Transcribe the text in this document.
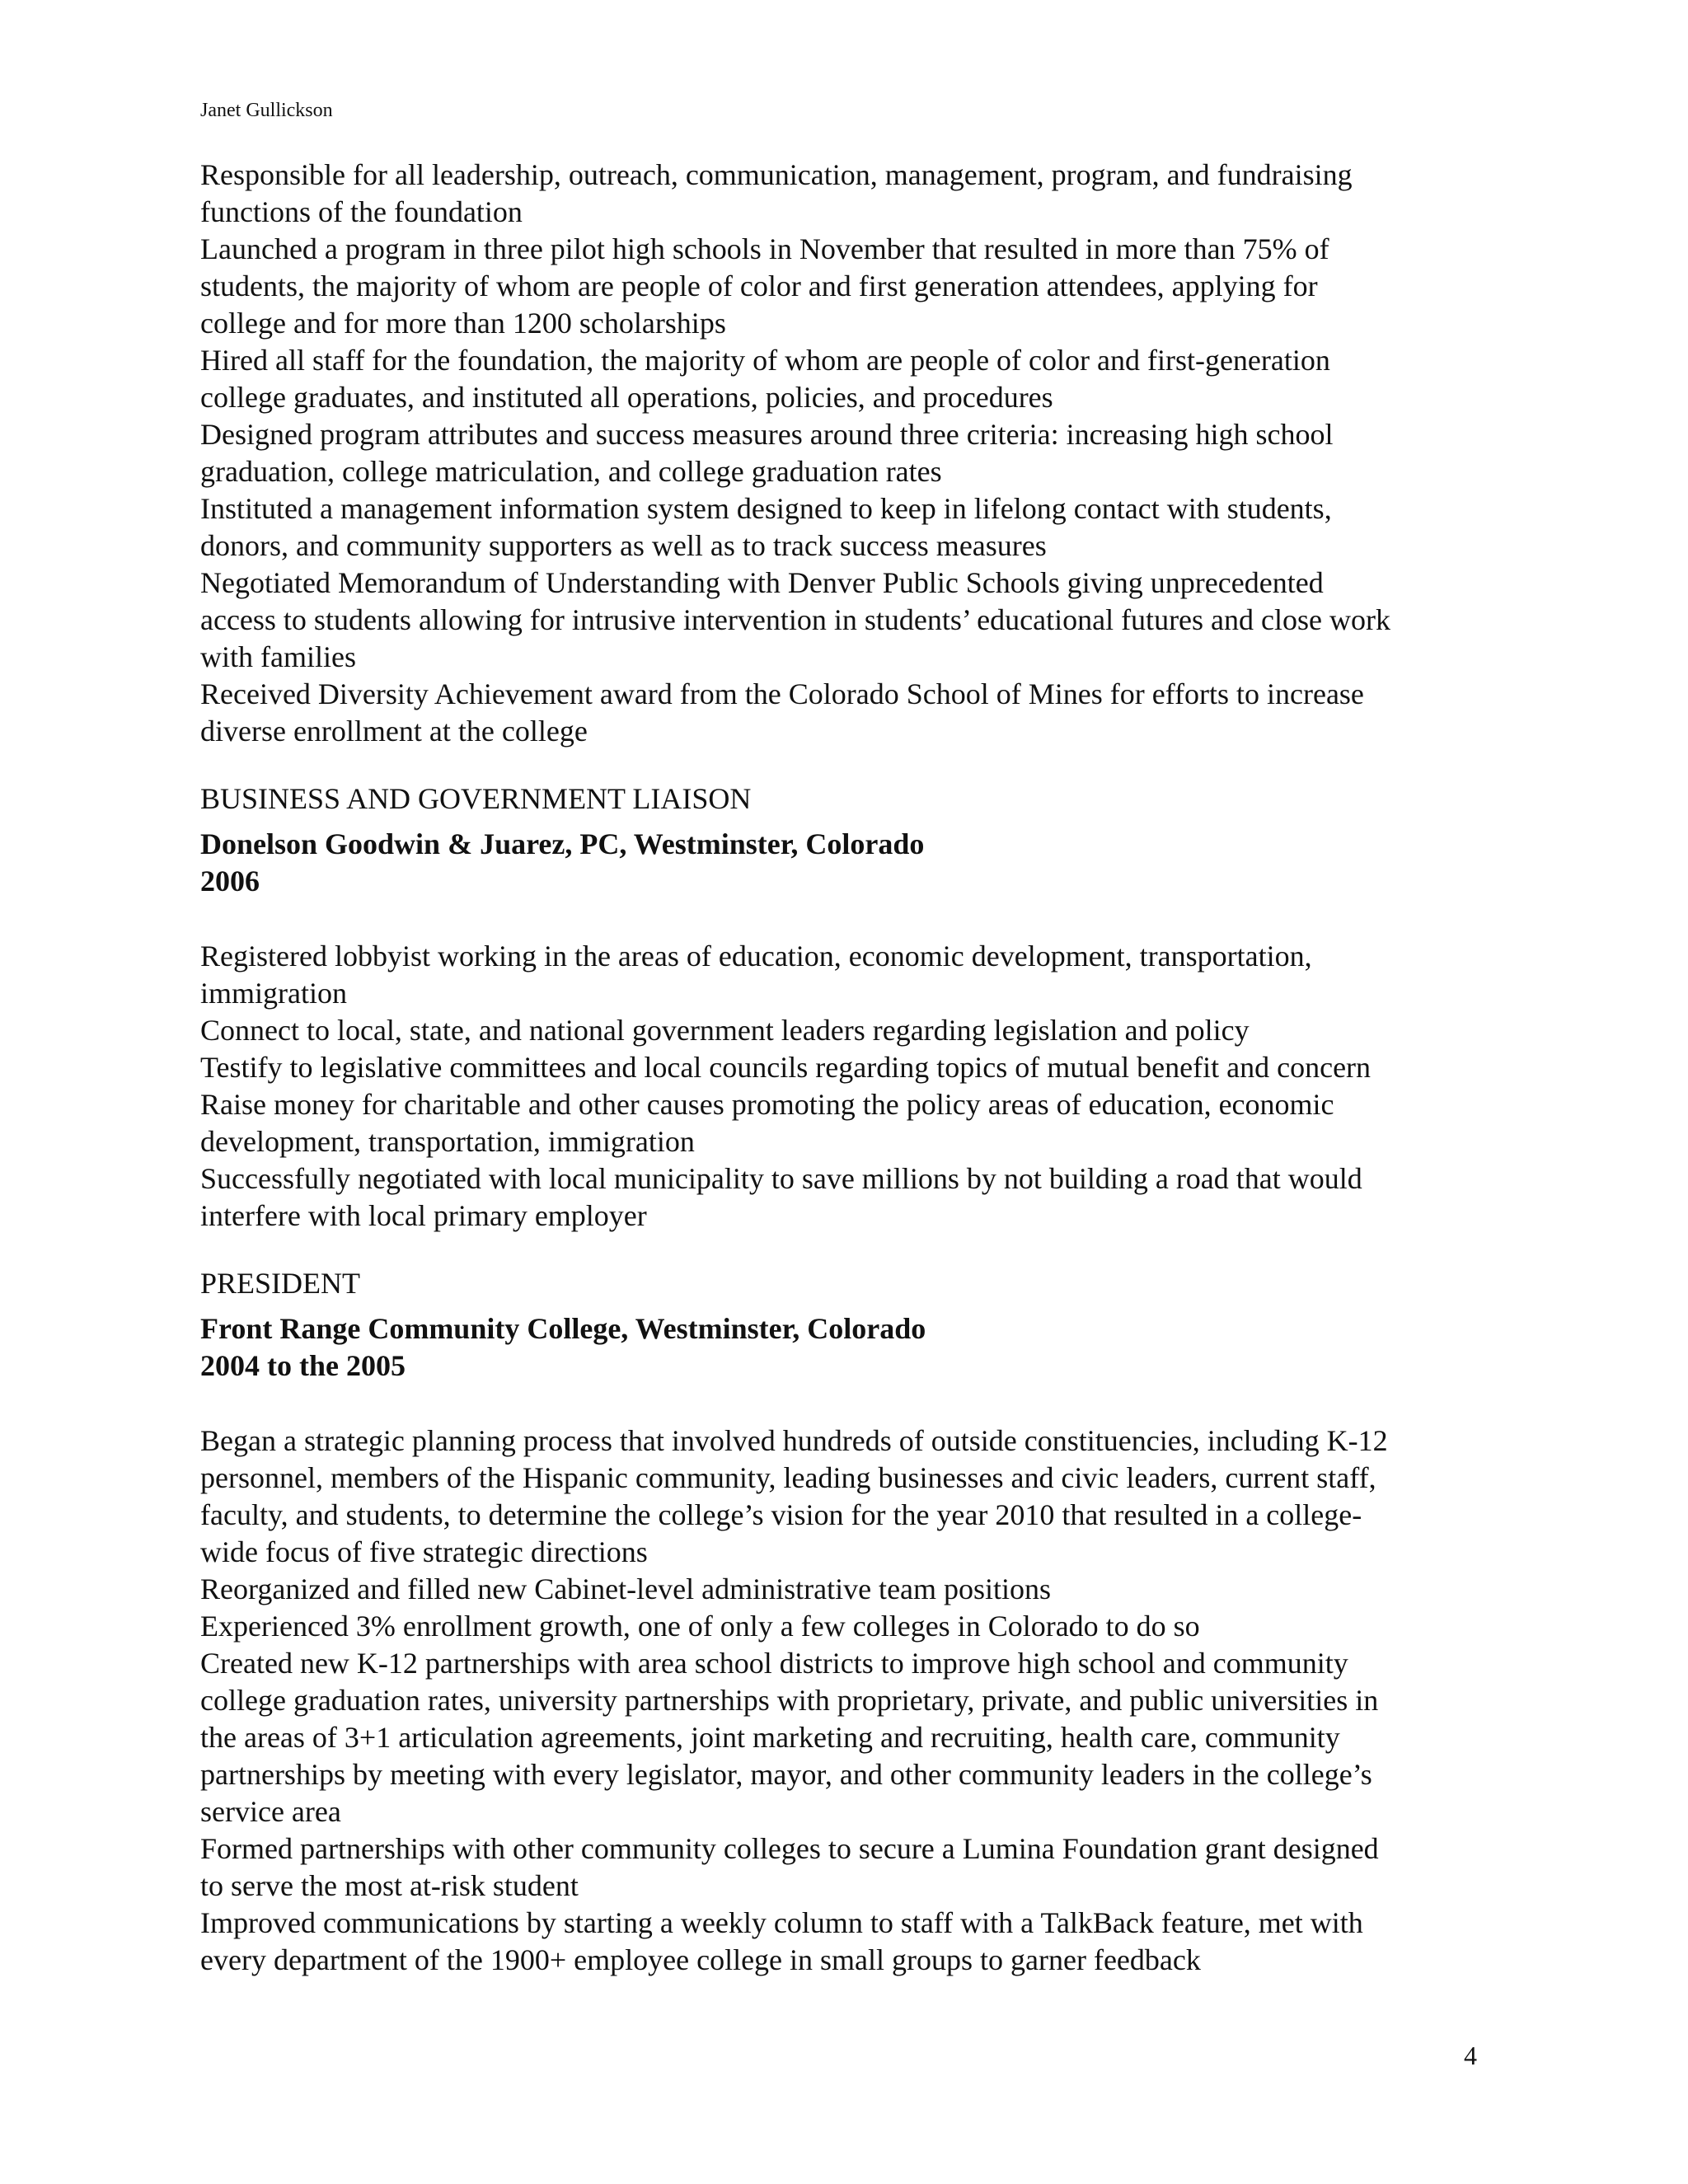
Janet Gullickson
Responsible for all leadership, outreach, communication, management, program, and fundraising
functions of the foundation
Launched a program in three pilot high schools in November that resulted in more than 75% of
students, the majority of whom are people of color and first generation attendees, applying for
college and for more than 1200 scholarships
Hired all staff for the foundation, the majority of whom are people of color and first-generation
college graduates, and instituted all operations, policies, and procedures
Designed program attributes and success measures around three criteria: increasing high school
graduation, college matriculation, and college graduation rates
Instituted a management information system designed to keep in lifelong contact with students,
donors, and community supporters as well as to track success measures
Negotiated Memorandum of Understanding with Denver Public Schools giving unprecedented
access to students allowing for intrusive intervention in students’ educational futures and close work
with families
Received Diversity Achievement award from the Colorado School of Mines for efforts to increase
diverse enrollment at the college
BUSINESS AND GOVERNMENT LIAISON
Donelson Goodwin & Juarez, PC, Westminster, Colorado
2006
Registered lobbyist working in the areas of education, economic development, transportation,
immigration
Connect to local, state, and national government leaders regarding legislation and policy
Testify to legislative committees and local councils regarding topics of mutual benefit and concern
Raise money for charitable and other causes promoting the policy areas of education, economic
development, transportation, immigration
Successfully negotiated with local municipality to save millions by not building a road that would
interfere with local primary employer
PRESIDENT
Front Range Community College, Westminster, Colorado
2004 to the 2005
Began a strategic planning process that involved hundreds of outside constituencies, including K-12
personnel, members of the Hispanic community, leading businesses and civic leaders, current staff,
faculty, and students, to determine the college’s vision for the year 2010 that resulted in a college-
wide focus of five strategic directions
Reorganized and filled new Cabinet-level administrative team positions
Experienced 3% enrollment growth, one of only a few colleges in Colorado to do so
Created new K-12 partnerships with area school districts to improve high school and community
college graduation rates, university partnerships with proprietary, private, and public universities in
the areas of 3+1 articulation agreements, joint marketing and recruiting, health care, community
partnerships by meeting with every legislator, mayor, and other community leaders in the college’s
service area
Formed partnerships with other community colleges to secure a Lumina Foundation grant designed
to serve the most at-risk student
Improved communications by starting a weekly column to staff with a TalkBack feature, met with
every department of the 1900+ employee college in small groups to garner feedback
4
